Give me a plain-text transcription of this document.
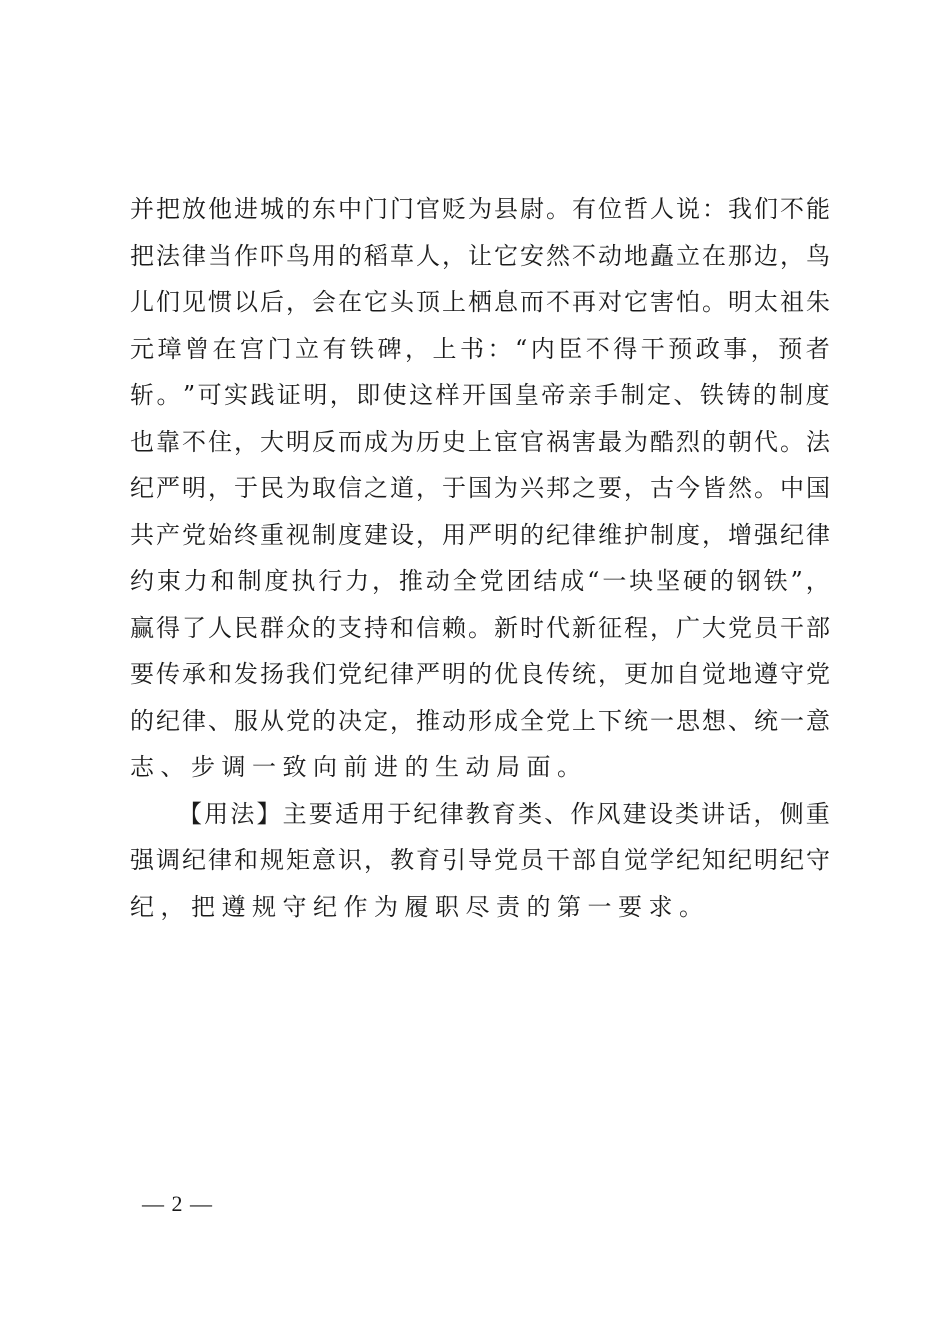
并 把 放 他 进 城 的 东 中 门 门 官 贬 为 县 尉 。 有 位 哲 人 说 ： 我 们 不 能
把 法 律 当 作 吓 鸟 用 的 稻 草 人 ， 让 它 安 然 不 动 地 矗 立 在 那 边 ， 鸟
儿 们 见 惯 以 后 ， 会 在 它 头 顶 上 栖 息 而 不 再 对 它 害 怕 。 明 太 祖 朱
元 璋 曾 在 宫 门 立 有 铁 碑 ， 上 书 ： “ 内 臣 不 得 干 预 政 事 ， 预 者
斩 。 ” 可 实 践 证 明 ， 即 使 这 样 开 国 皇 帝 亲 手 制 定 、 铁 铸 的 制 度
也 靠 不 住 ， 大 明 反 而 成 为 历 史 上 宦 官 祸 害 最 为 酷 烈 的 朝 代 。 法
纪 严 明 ， 于 民 为 取 信 之 道 ， 于 国 为 兴 邦 之 要 ， 古 今 皆 然 。 中 国
共 产 党 始 终 重 视 制 度 建 设 ， 用 严 明 的 纪 律 维 护 制 度 ， 增 强 纪 律
约 束 力 和 制 度 执 行 力 ， 推 动 全 党 团 结 成 “ 一 块 坚 硬 的 钢 铁 ” ，
赢 得 了 人 民 群 众 的 支 持 和 信 赖 。 新 时 代 新 征 程 ， 广 大 党 员 干 部
要 传 承 和 发 扬 我 们 党 纪 律 严 明 的 优 良 传 统 ， 更 加 自 觉 地 遵 守 党
的 纪 律 、 服 从 党 的 决 定 ， 推 动 形 成 全 党 上 下 统 一 思 想 、 统 一 意
志、步调一致向前进的生动局面。
【 用 法 】 主 要 适 用 于 纪 律 教 育 类 、 作 风 建 设 类 讲 话 ， 侧 重
强 调 纪 律 和 规 矩 意 识 ， 教 育 引 导 党 员 干 部 自 觉 学 纪 知 纪 明 纪 守
纪，把遵规守纪作为履职尽责的第一要求。
— 2 —
